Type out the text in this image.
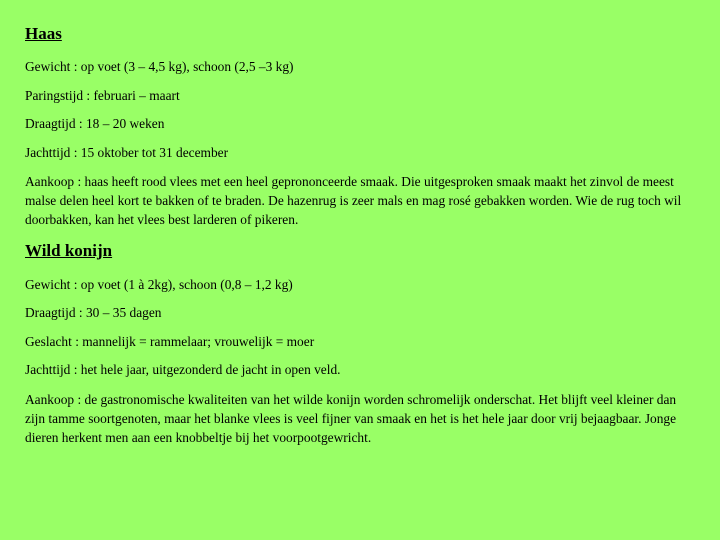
Haas

Gewicht : op voet (3 – 4,5 kg), schoon (2,5 –3 kg)

Paringstijd : februari – maart

Draagtijd : 18 – 20 weken

Jachttijd : 15 oktober tot 31 december

Aankoop : haas heeft rood vlees met een heel geprononceerde smaak. Die uitgesproken smaak maakt het zinvol de meest malse delen heel kort te bakken of te braden. De hazenrug is zeer mals en mag rosé gebakken worden. Wie de rug toch wil doorbakken, kan het vlees best larderen of pikeren.

Wild konijn

Gewicht : op voet (1 à 2kg), schoon (0,8 – 1,2 kg)

Draagtijd : 30 – 35 dagen

Geslacht : mannelijk = rammelaar; vrouwelijk = moer

Jachttijd : het hele jaar, uitgezonderd de jacht in open veld.

Aankoop : de gastronomische kwaliteiten van het wilde konijn worden schromelijk onderschat. Het blijft veel kleiner dan zijn tamme soortgenoten, maar het blanke vlees is veel fijner van smaak en het is het hele jaar door vrij bejaagbaar. Jonge dieren herkent men aan een knobbeltje bij het voorpootgewricht.
